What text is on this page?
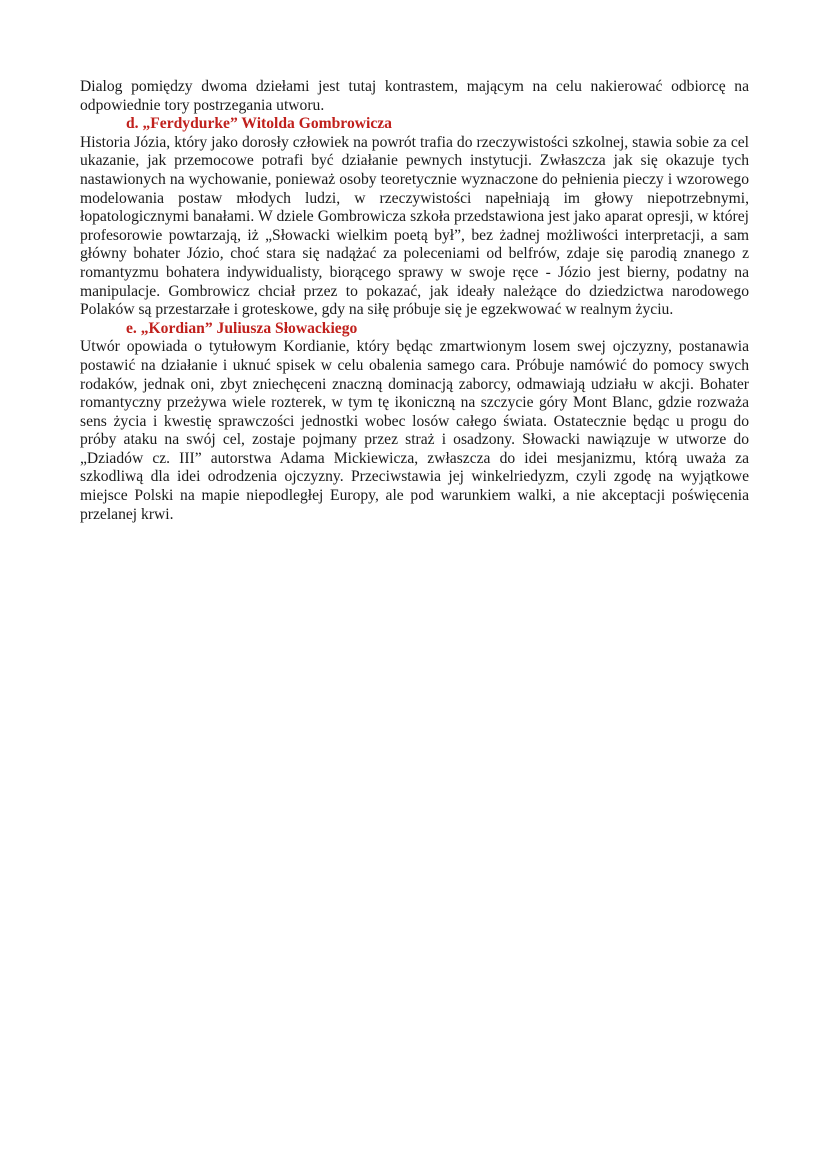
Dialog pomiędzy dwoma dziełami jest tutaj kontrastem, mającym na celu nakierować odbiorcę na odpowiednie tory postrzegania utworu.

d. „Ferdydurke” Witolda Gombrowicza

Historia Józia, który jako dorosły człowiek na powrót trafia do rzeczywistości szkolnej, stawia sobie za cel ukazanie, jak przemocowe potrafi być działanie pewnych instytucji. Zwłaszcza jak się okazuje tych nastawionych na wychowanie, ponieważ osoby teoretycznie wyznaczone do pełnienia pieczy i wzorowego modelowania postaw młodych ludzi, w rzeczywistości napełniają im głowy niepotrzebnymi, łopatologicznymi banałami. W dziele Gombrowicza szkoła przedstawiona jest jako aparat opresji, w której profesorowie powtarzają, iż „Słowacki wielkim poetą był”, bez żadnej możliwości interpretacji, a sam główny bohater Józio, choć stara się nadążać za poleceniami od belfrów, zdaje się parodią znanego z romantyzmu bohatera indywidualisty, biorącego sprawy w swoje ręce - Józio jest bierny, podatny na manipulacje. Gombrowicz chciał przez to pokazać, jak ideały należące do dziedzictwa narodowego Polaków są przestarzałe i groteskowe, gdy na siłę próbuje się je egzekwować w realnym życiu.

e. „Kordian” Juliusza Słowackiego

Utwór opowiada o tytułowym Kordianie, który będąc zmartwionym losem swej ojczyzny, postanawia postawić na działanie i uknuć spisek w celu obalenia samego cara. Próbuje namówić do pomocy swych rodaków, jednak oni, zbyt zniechęceni znaczną dominacją zaborcy, odmawiają udziału w akcji. Bohater romantyczny przeżywa wiele rozterek, w tym tę ikoniczną na szczycie góry Mont Blanc, gdzie rozważa sens życia i kwestię sprawczości jednostki wobec losów całego świata. Ostatecznie będąc u progu do próby ataku na swój cel, zostaje pojmany przez straż i osadzony. Słowacki nawiązuje w utworze do „Dziadów cz. III” autorstwa Adama Mickiewicza, zwłaszcza do idei mesjanizmu, którą uważa za szkodliwą dla idei odrodzenia ojczyzny. Przeciwstawia jej winkelriedyzm, czyli zgodę na wyjątkowe miejsce Polski na mapie niepodległej Europy, ale pod warunkiem walki, a nie akceptacji poświęcenia przelanej krwi.
